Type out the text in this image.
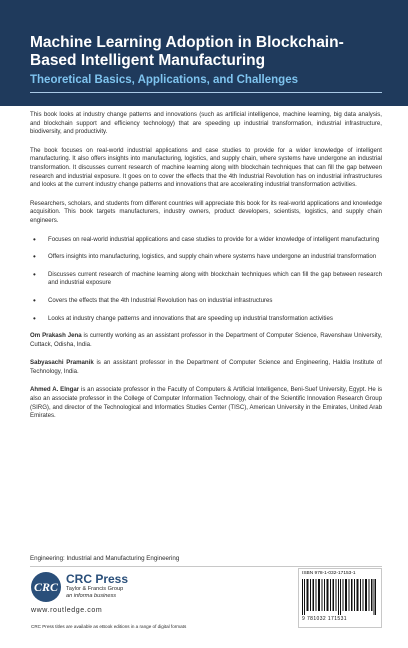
Machine Learning Adoption in Blockchain-Based Intelligent Manufacturing
Theoretical Basics, Applications, and Challenges

This book looks at industry change patterns and innovations (such as artificial intelligence, machine learning, big data analysis, and blockchain support and efficiency technology) that are speeding up industrial transformation, industrial infrastructure, biodiversity, and productivity.

The book focuses on real-world industrial applications and case studies to provide for a wider knowledge of intelligent manufacturing. It also offers insights into manufacturing, logistics, and supply chain, where systems have undergone an industrial transformation. It discusses current research of machine learning along with blockchain techniques that can fill the gap between research and industrial exposure. It goes on to cover the effects that the 4th Industrial Revolution has on industrial infrastructures and looks at the current industry change patterns and innovations that are accelerating industrial transformation activities.

Researchers, scholars, and students from different countries will appreciate this book for its real-world applications and knowledge acquisition. This book targets manufacturers, industry owners, product developers, scientists, logistics, and supply chain engineers.

• Focuses on real-world industrial applications and case studies to provide for a wider knowledge of intelligent manufacturing
• Offers insights into manufacturing, logistics, and supply chain where systems have undergone an industrial transformation
• Discusses current research of machine learning along with blockchain techniques which can fill the gap between research and industrial exposure
• Covers the effects that the 4th Industrial Revolution has on industrial infrastructures
• Looks at industry change patterns and innovations that are speeding up industrial transformation activities

Om Prakash Jena is currently working as an assistant professor in the Department of Computer Science, Ravenshaw University, Cuttack, Odisha, India.

Sabyasachi Pramanik is an assistant professor in the Department of Computer Science and Engineering, Haldia Institute of Technology, India.

Ahmed A. Elngar is an associate professor in the Faculty of Computers & Artificial Intelligence, Beni-Suef University, Egypt. He is also an associate professor in the College of Computer Information Technology, chair of the Scientific Innovation Research Group (SIRG), and director of the Technological and Informatics Studies Center (TISC), American University in the Emirates, United Arab Emirates.

Engineering: Industrial and Manufacturing Engineering
CRC
CRC Press
Taylor & Francis Group
an informa business
www.routledge.com
CRC Press titles are available as eBook editions in a range of digital formats
ISBN 978-1-032-17153-1
9 781032 171531
